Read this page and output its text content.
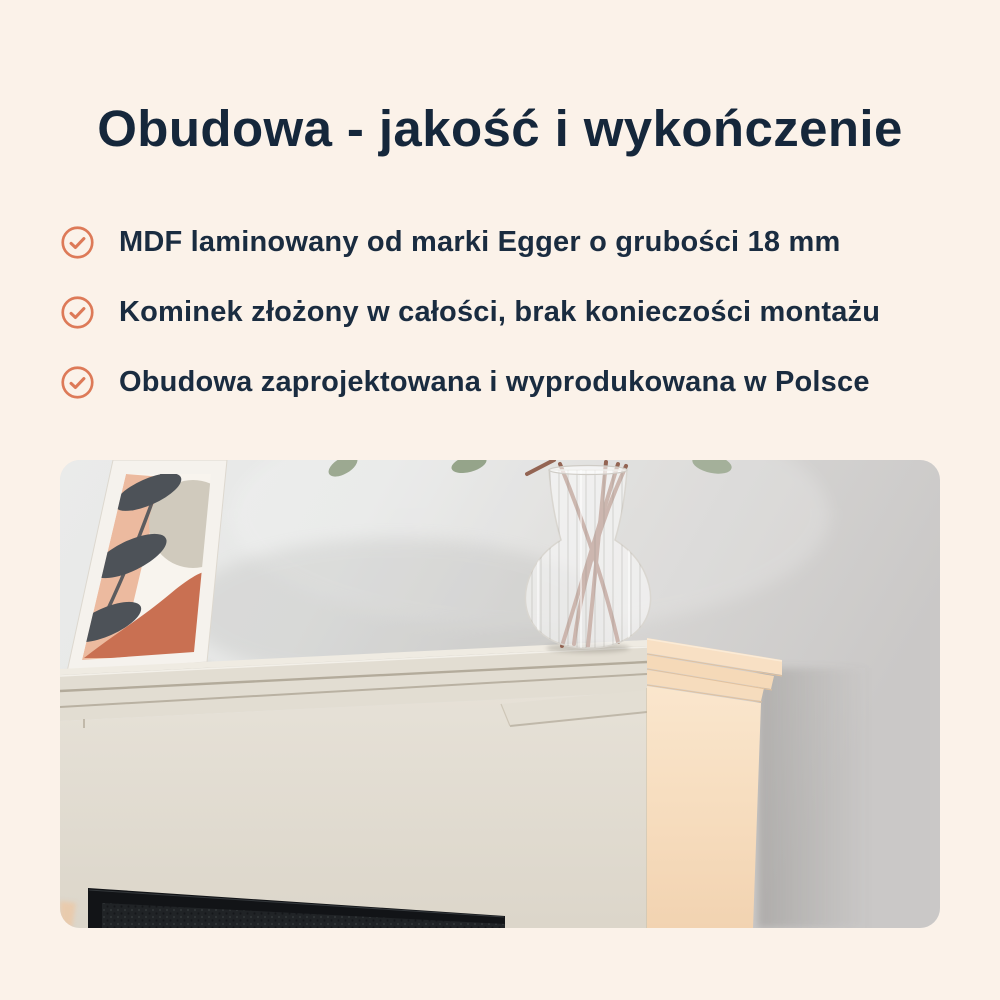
Obudowa - jakość i wykończenie
MDF laminowany od marki Egger o grubości 18 mm
Kominek złożony w całości, brak konieczości montażu
Obudowa zaprojektowana i wyprodukowana w Polsce
